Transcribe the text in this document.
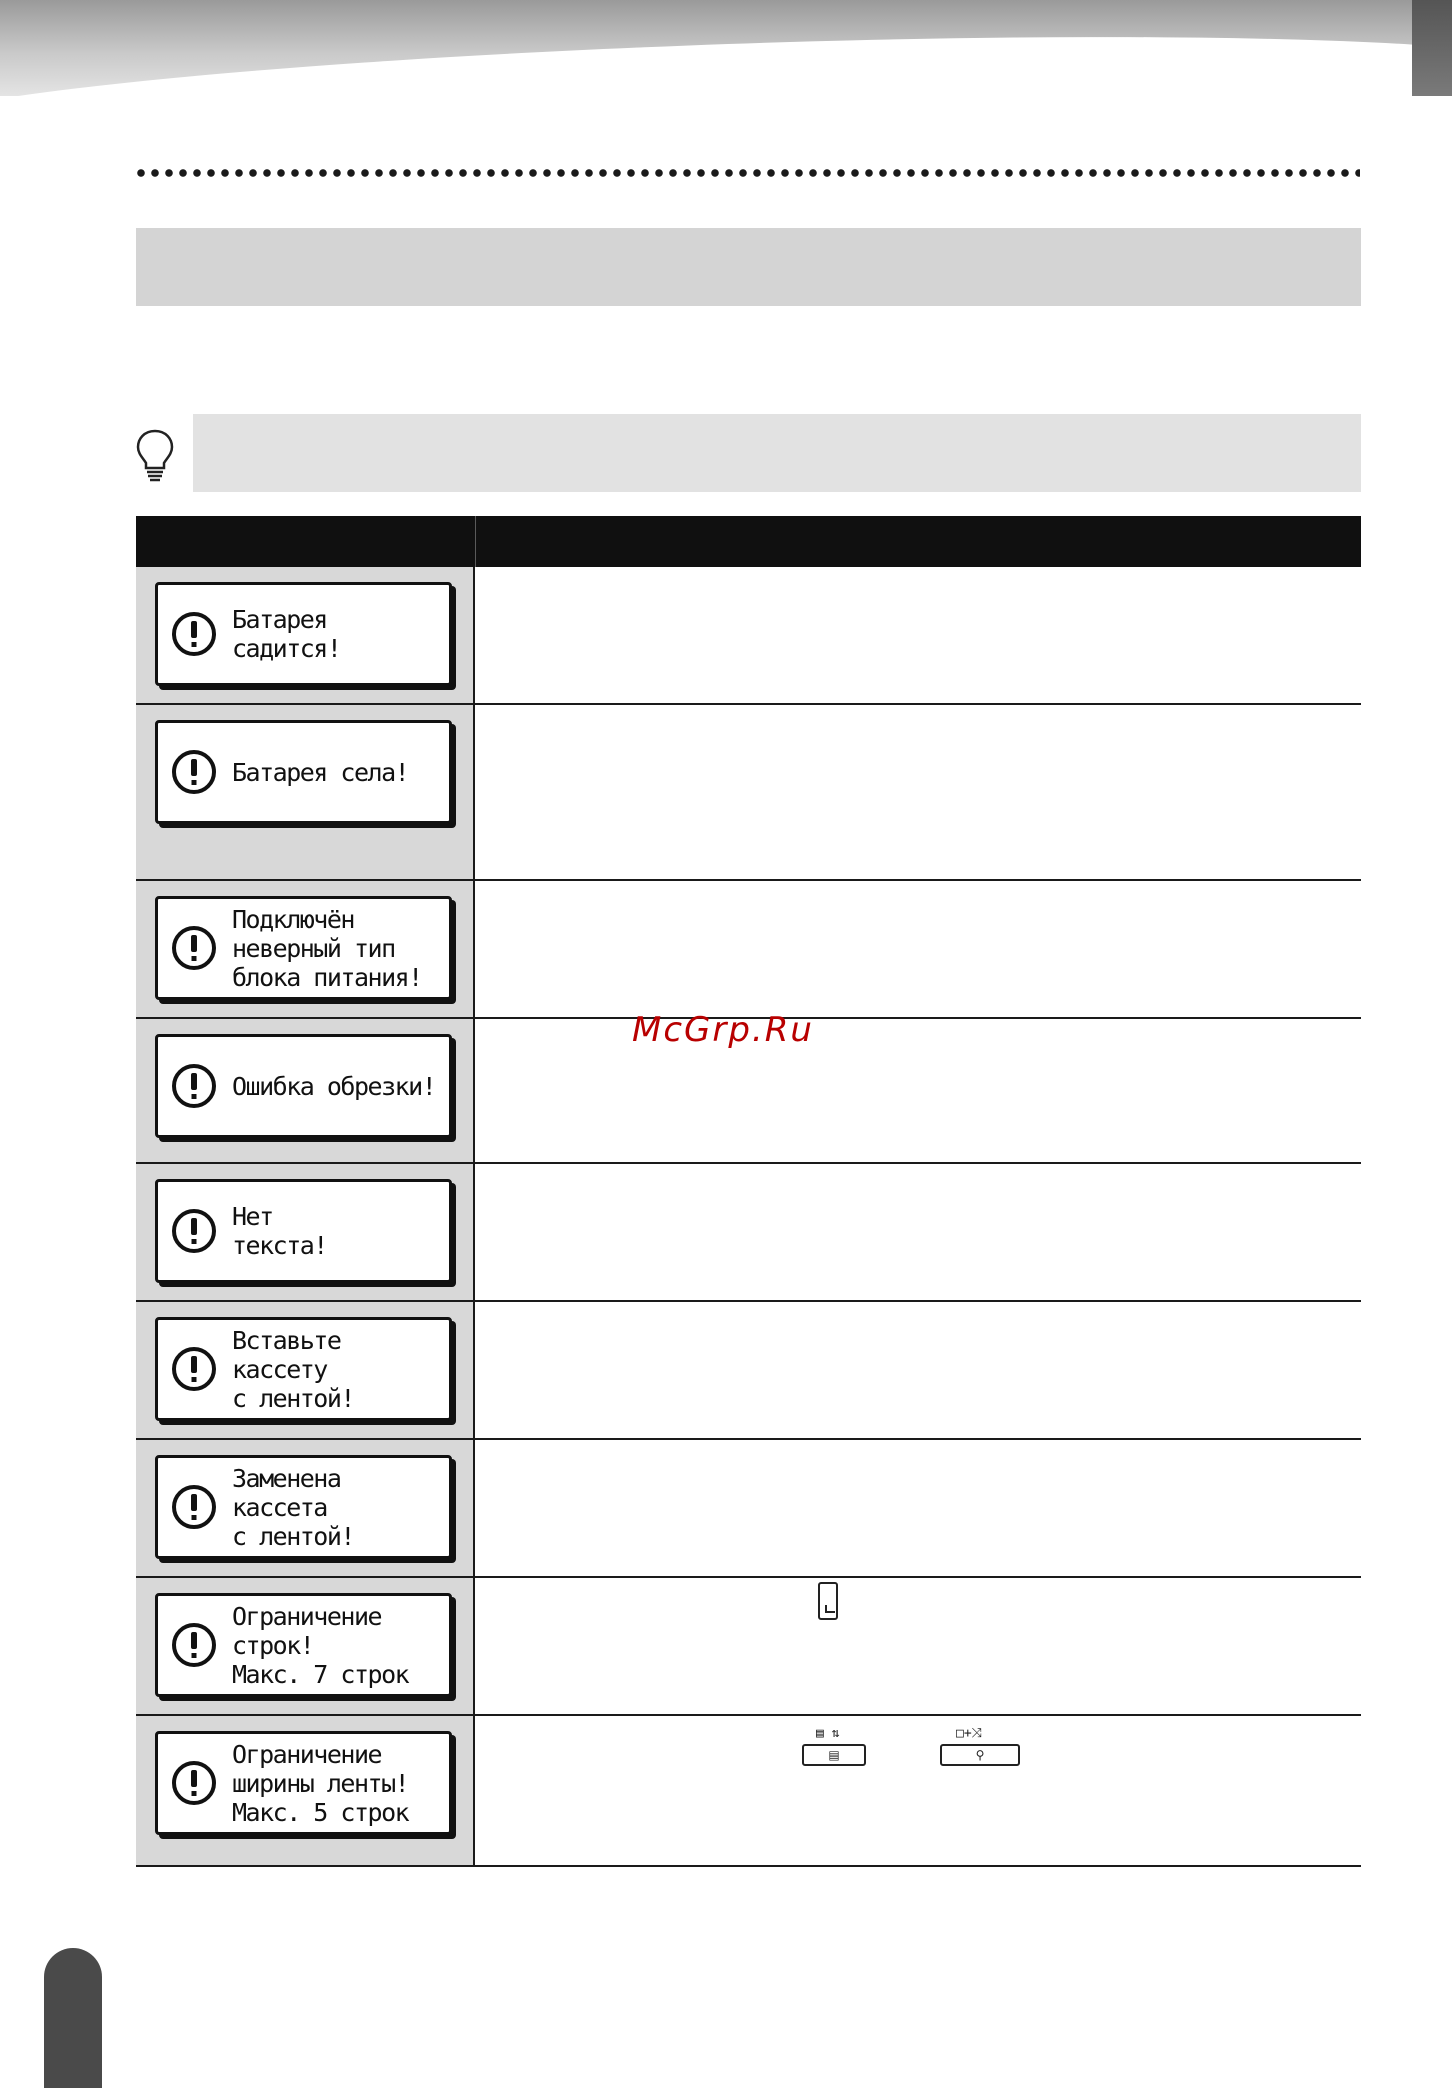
Батарея
садится!
Батарея села!
Подключён
неверный тип
блока питания!
Ошибка обрезки!
Нет
текста!
Вставьте
кассету
с лентой!
Заменена
кассета
с лентой!
Ограничение
строк!
Макс. 7 строк
Ограничение
ширины ленты!
Макс. 5 строк
McGrp.Ru
▤ ⇅
▤
□+⤨
⚲
